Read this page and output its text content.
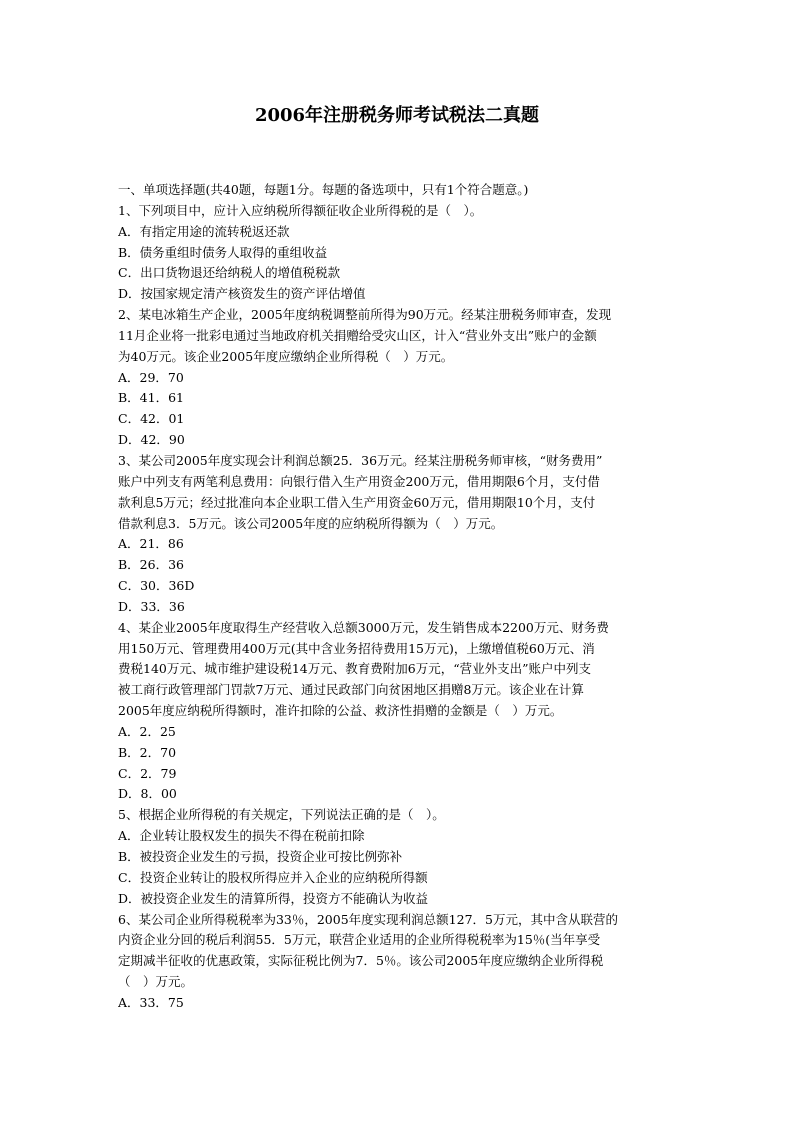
2006年注册税务师考试税法二真题
一、单项选择题(共40题，每题1分。每题的备选项中，只有1个符合题意。)
1、下列项目中，应计入应纳税所得额征收企业所得税的是（　）。
A．有指定用途的流转税返还款
B．债务重组时债务人取得的重组收益
C．出口货物退还给纳税人的增值税税款
D．按国家规定清产核资发生的资产评估增值
2、某电冰箱生产企业，2005年度纳税调整前所得为90万元。经某注册税务师审查，发现
11月企业将一批彩电通过当地政府机关捐赠给受灾山区，计入“营业外支出”账户的金额
为40万元。该企业2005年度应缴纳企业所得税（　）万元。
A．29．70
B．41．61
C．42．01
D．42．90
3、某公司2005年度实现会计利润总额25．36万元。经某注册税务师审核，“财务费用”
账户中列支有两笔利息费用：向银行借入生产用资金200万元，借用期限6个月，支付借
款利息5万元；经过批准向本企业职工借入生产用资金60万元，借用期限10个月，支付
借款利息3．5万元。该公司2005年度的应纳税所得额为（　）万元。
A．21．86
B．26．36
C．30．36D
D．33．36
4、某企业2005年度取得生产经营收入总额3000万元，发生销售成本2200万元、财务费
用150万元、管理费用400万元(其中含业务招待费用15万元)，上缴增值税60万元、消
费税140万元、城市维护建设税14万元、教育费附加6万元，“营业外支出”账户中列支
被工商行政管理部门罚款7万元、通过民政部门向贫困地区捐赠8万元。该企业在计算
2005年度应纳税所得额时，准许扣除的公益、救济性捐赠的金额是（　）万元。
A．2．25
B．2．70
C．2．79
D．8．00
5、根据企业所得税的有关规定，下列说法正确的是（　）。
A．企业转让股权发生的损失不得在税前扣除
B．被投资企业发生的亏损，投资企业可按比例弥补
C．投资企业转让的股权所得应并入企业的应纳税所得额
D．被投资企业发生的清算所得，投资方不能确认为收益
6、某公司企业所得税税率为33％，2005年度实现利润总额127．5万元，其中含从联营的
内资企业分回的税后利润55．5万元，联营企业适用的企业所得税税率为15％(当年享受
定期减半征收的优惠政策，实际征税比例为7．5％。该公司2005年度应缴纳企业所得税
（　）万元。
A．33．75
